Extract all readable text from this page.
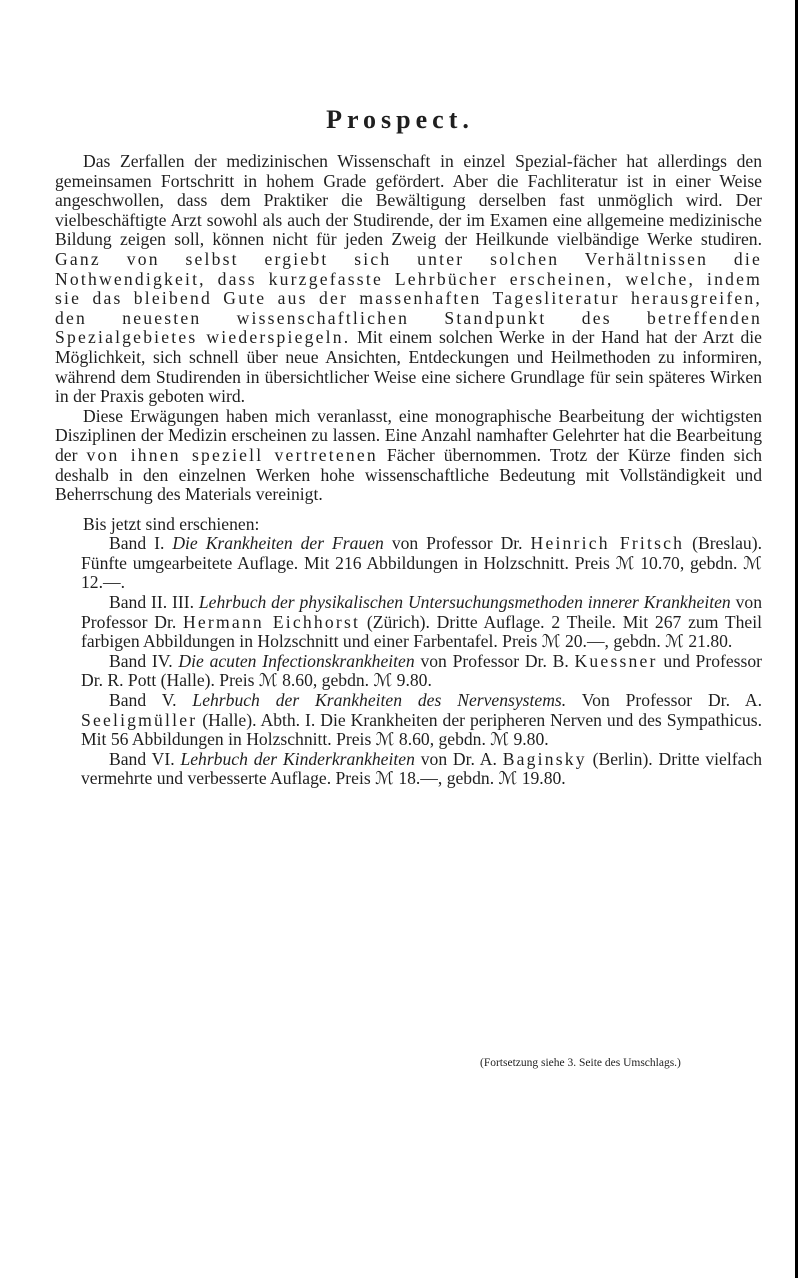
Prospect.

Das Zerfallen der medizinischen Wissenschaft in einzel Spezial-fächer hat allerdings den gemeinsamen Fortschritt in hohem Grade gefördert. Aber die Fachliteratur ist in einer Weise angeschwollen, dass dem Praktiker die Bewältigung derselben fast unmöglich wird. Der vielbeschäftigte Arzt sowohl als auch der Studirende, der im Examen eine allgemeine medizinische Bildung zeigen soll, können nicht für jeden Zweig der Heilkunde vielbändige Werke studiren. Ganz von selbst ergiebt sich unter solchen Verhältnissen die Nothwendigkeit, dass kurzgefasste Lehrbücher erscheinen, welche, indem sie das bleibend Gute aus der massenhaften Tagesliteratur herausgreifen, den neuesten wissenschaftlichen Standpunkt des betreffenden Spezialgebietes wiederspiegeln. Mit einem solchen Werke in der Hand hat der Arzt die Möglichkeit, sich schnell über neue Ansichten, Entdeckungen und Heilmethoden zu informiren, während dem Studirenden in übersichtlicher Weise eine sichere Grundlage für sein späteres Wirken in der Praxis geboten wird.

Diese Erwägungen haben mich veranlasst, eine monographische Bearbeitung der wichtigsten Disziplinen der Medizin erscheinen zu lassen. Eine Anzahl namhafter Gelehrter hat die Bearbeitung der von ihnen speziell vertretenen Fächer übernommen. Trotz der Kürze finden sich deshalb in den einzelnen Werken hohe wissenschaftliche Bedeutung mit Vollständigkeit und Beherrschung des Materials vereinigt.

Bis jetzt sind erschienen:

Band I. Die Krankheiten der Frauen von Professor Dr. Heinrich Fritsch (Breslau). Fünfte umgearbeitete Auflage. Mit 216 Abbildungen in Holzschnitt. Preis ℳ 10.70, gebdn. ℳ 12.—.

Band II. III. Lehrbuch der physikalischen Untersuchungsmethoden innerer Krankheiten von Professor Dr. Hermann Eichhorst (Zürich). Dritte Auflage. 2 Theile. Mit 267 zum Theil farbigen Abbildungen in Holzschnitt und einer Farbentafel. Preis ℳ 20.—, gebdn. ℳ 21.80.

Band IV. Die acuten Infectionskrankheiten von Professor Dr. B. Kuessner und Professor Dr. R. Pott (Halle). Preis ℳ 8.60, gebdn. ℳ 9.80.

Band V. Lehrbuch der Krankheiten des Nervensystems. Von Professor Dr. A. Seeligmüller (Halle). Abth. I. Die Krankheiten der peripheren Nerven und des Sympathicus. Mit 56 Abbildungen in Holzschnitt. Preis ℳ 8.60, gebdn. ℳ 9.80.

Band VI. Lehrbuch der Kinderkrankheiten von Dr. A. Baginsky (Berlin). Dritte vielfach vermehrte und verbesserte Auflage. Preis ℳ 18.—, gebdn. ℳ 19.80.

(Fortsetzung siehe 3. Seite des Umschlags.)
